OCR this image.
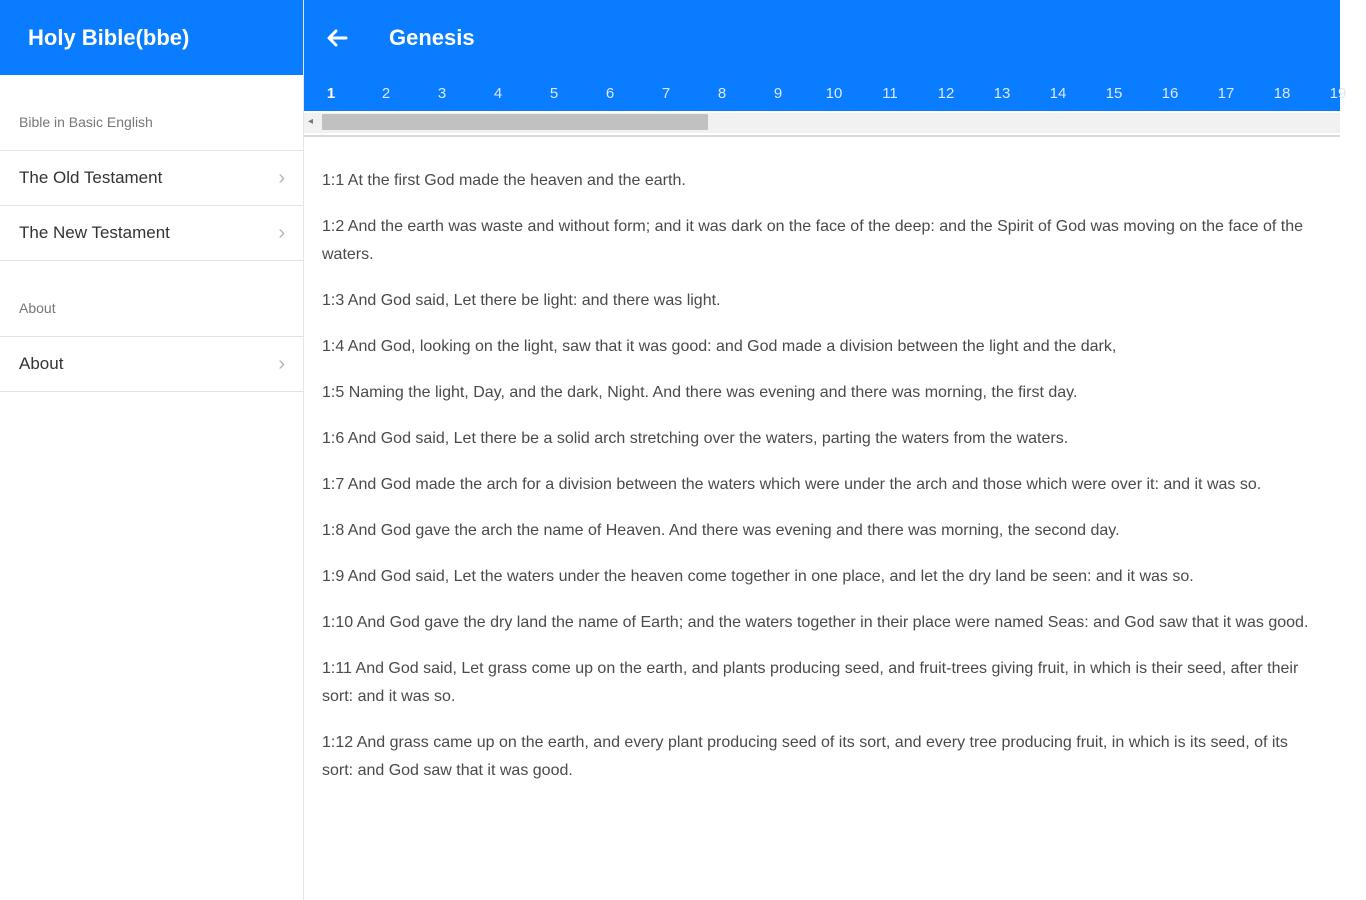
Holy Bible(bbe)
Bible in Basic English
The Old Testament	›
The New Testament	›
About
About	›
Genesis
1	2	3	4	5	6	7	8	9	10	11	12	13	14	15	16	17	18	19
◂

1:1 At the first God made the heaven and the earth.

1:2 And the earth was waste and without form; and it was dark on the face of the deep: and the Spirit of God was moving on the face of the waters.

1:3 And God said, Let there be light: and there was light.

1:4 And God, looking on the light, saw that it was good: and God made a division between the light and the dark,

1:5 Naming the light, Day, and the dark, Night. And there was evening and there was morning, the first day.

1:6 And God said, Let there be a solid arch stretching over the waters, parting the waters from the waters.

1:7 And God made the arch for a division between the waters which were under the arch and those which were over it: and it was so.

1:8 And God gave the arch the name of Heaven. And there was evening and there was morning, the second day.

1:9 And God said, Let the waters under the heaven come together in one place, and let the dry land be seen: and it was so.

1:10 And God gave the dry land the name of Earth; and the waters together in their place were named Seas: and God saw that it was good.

1:11 And God said, Let grass come up on the earth, and plants producing seed, and fruit-trees giving fruit, in which is their seed, after their sort: and it was so.

1:12 And grass came up on the earth, and every plant producing seed of its sort, and every tree producing fruit, in which is its seed, of its sort: and God saw that it was good.
